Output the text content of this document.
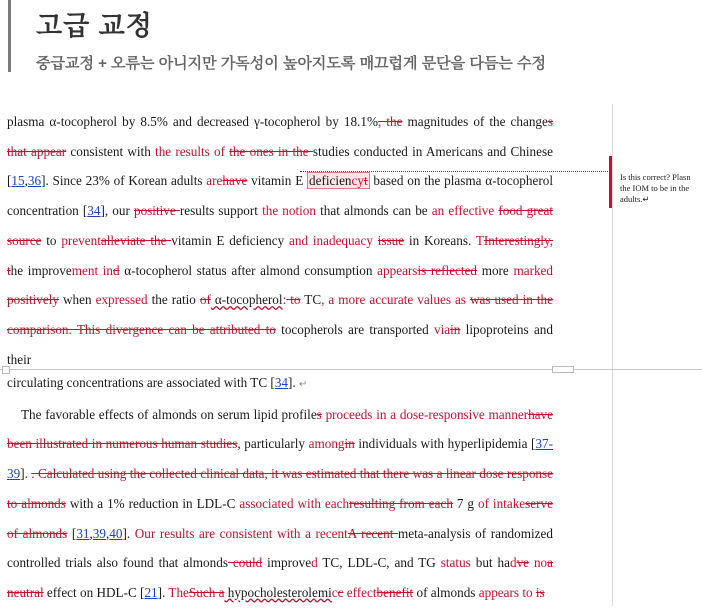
고급 교정
중급교정 + 오류는 아니지만 가독성이 높아지도록 매끄럽게 문단을 다듬는 수정
Is this correct? Plasn
the IOM to be in the
adults.↵
plasma α-tocopherol by 8.5% and decreased γ-tocopherol by 18.1%, the magnitudes of the changes that appear consistent with the results of the ones in the studies conducted in Americans and Chinese [15,36]. Since 23% of Korean adults arehave vitamin E deficiencyt based on the plasma α-tocopherol concentration [34], our positive results support the notion that almonds can be an effective food great source to preventalleviate the vitamin E deficiency and inadequacy issue in Koreans. TInterestingly, the improvement ind α-tocopherol status after almond consumption appearsis reflected more marked positively when expressed the ratio of α-tocopherol: to TC, a more accurate values as was used in the comparison. This divergence can be attributed to tocopherols are transported viain lipoproteins and their
circulating concentrations are associated with TC [34]. ↵
The favorable effects of almonds on serum lipid profiles proceeds in a dose-responsive mannerhave been illustrated in numerous human studies, particularly amongin individuals with hyperlipidemia [37-39]. . Calculated using the collected clinical data, it was estimated that there was a linear dose response to almonds with a 1% reduction in LDL-C associated with eachresulting from each 7 g of intakeserve of almonds [31,39,40]. Our results are consistent with a recentA recent meta-analysis of randomized controlled trials also found that almonds could improved TC, LDL-C, and TG status but hadve noa neutral effect on HDL-C [21]. TheSuch a hypocholesterolemicc effectbenefit of almonds appears to is
